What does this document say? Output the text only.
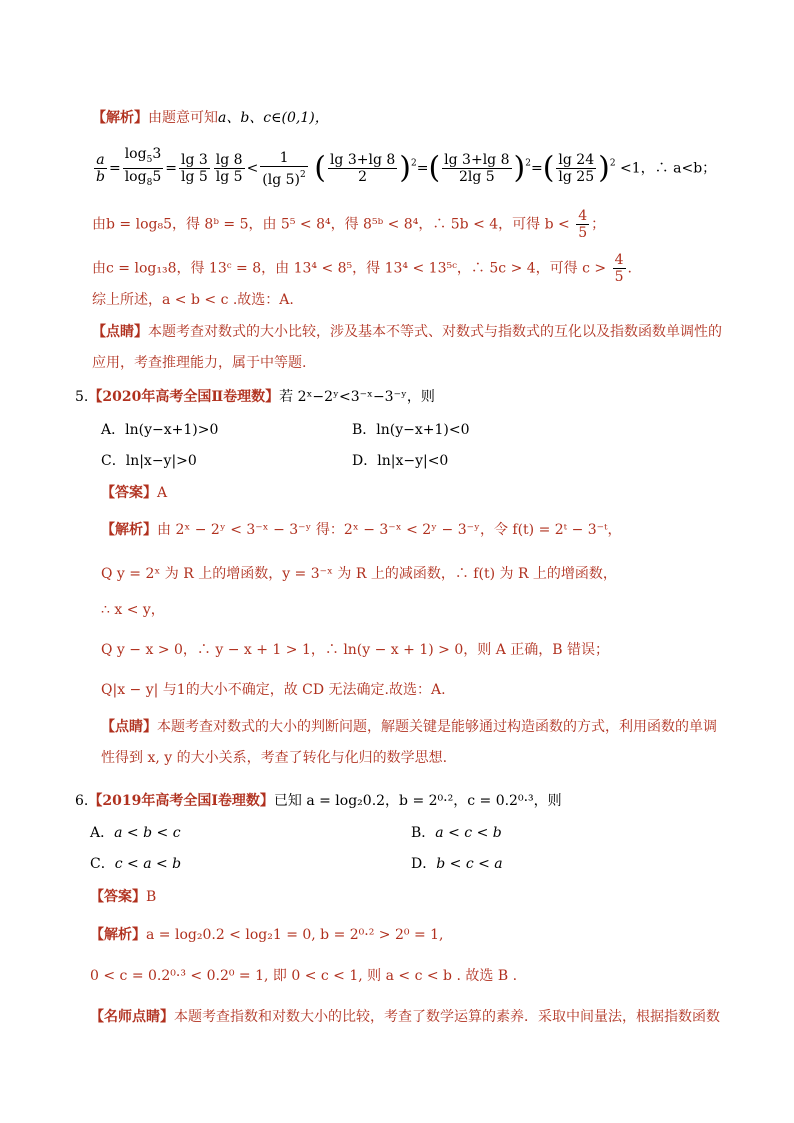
【解析】由题意可知a、b、c∈(0,1)，
$\frac{a}{b} = \frac{\log_53}{\log_85} = \frac{\lg 3}{\lg 5} \frac{\lg 8}{\lg 5} < \frac{1}{(\lg 5)^2}$ ( $\frac{\lg 3+\lg 8}{2} )^2=( \frac{\lg 3+\lg 8}{2\lg 5} )^2=( \frac{\lg 24}{\lg 25} )^2 <1$，∴ a<b；
由b = log₈5，得 8ᵇ = 5，由 5⁵ < 8⁴，得 8⁵ᵇ < 8⁴，∴ 5b < 4，可得 $b < \frac{4}{5}$ ；
由c = log₁₃8，得 13ᶜ = 8，由 13⁴ < 8⁵，得 13⁴ < 13⁵ᶜ，∴ 5c > 4，可得 $c > \frac{4}{5}$ .
综上所述，a < b < c .故选：A.
【点睛】本题考查对数式的大小比较，涉及基本不等式、对数式与指数式的互化以及指数函数单调性的
应用，考查推理能力，属于中等题.
5.【2020年高考全国Ⅱ卷理数】若 2ˣ−2ʸ<3⁻ˣ−3⁻ʸ，则
A．ln(y−x+1)>0	B．ln(y−x+1)<0
C．ln|x−y|>0	D．ln|x−y|<0
【答案】A
【解析】由 2ˣ − 2ʸ < 3⁻ˣ − 3⁻ʸ 得：2ˣ − 3⁻ˣ < 2ʸ − 3⁻ʸ，令 f(t) = 2ᵗ − 3⁻ᵗ，
Q y = 2ˣ 为 R 上的增函数，y = 3⁻ˣ 为 R 上的减函数，∴ f(t) 为 R 上的增函数，
∴ x < y，
Q y − x > 0，∴ y − x + 1 > 1，∴ ln(y − x + 1) > 0，则 A 正确，B 错误；
Q|x − y| 与1的大小不确定，故 CD 无法确定.故选：A.
【点睛】本题考查对数式的大小的判断问题，解题关键是能够通过构造函数的方式，利用函数的单调
性得到 x, y 的大小关系，考查了转化与化归的数学思想.
6.【2019年高考全国Ⅰ卷理数】已知 a = log₂0.2，b = 2⁰·²，c = 0.2⁰·³，则
A．a < b < c	B．a < c < b
C．c < a < b	D．b < c < a
【答案】B
【解析】a = log₂0.2 < log₂1 = 0, b = 2⁰·² > 2⁰ = 1,
0 < c = 0.2⁰·³ < 0.2⁰ = 1, 即 0 < c < 1, 则 a < c < b . 故选 B .
【名师点睛】本题考查指数和对数大小的比较，考查了数学运算的素养．采取中间量法，根据指数函数
